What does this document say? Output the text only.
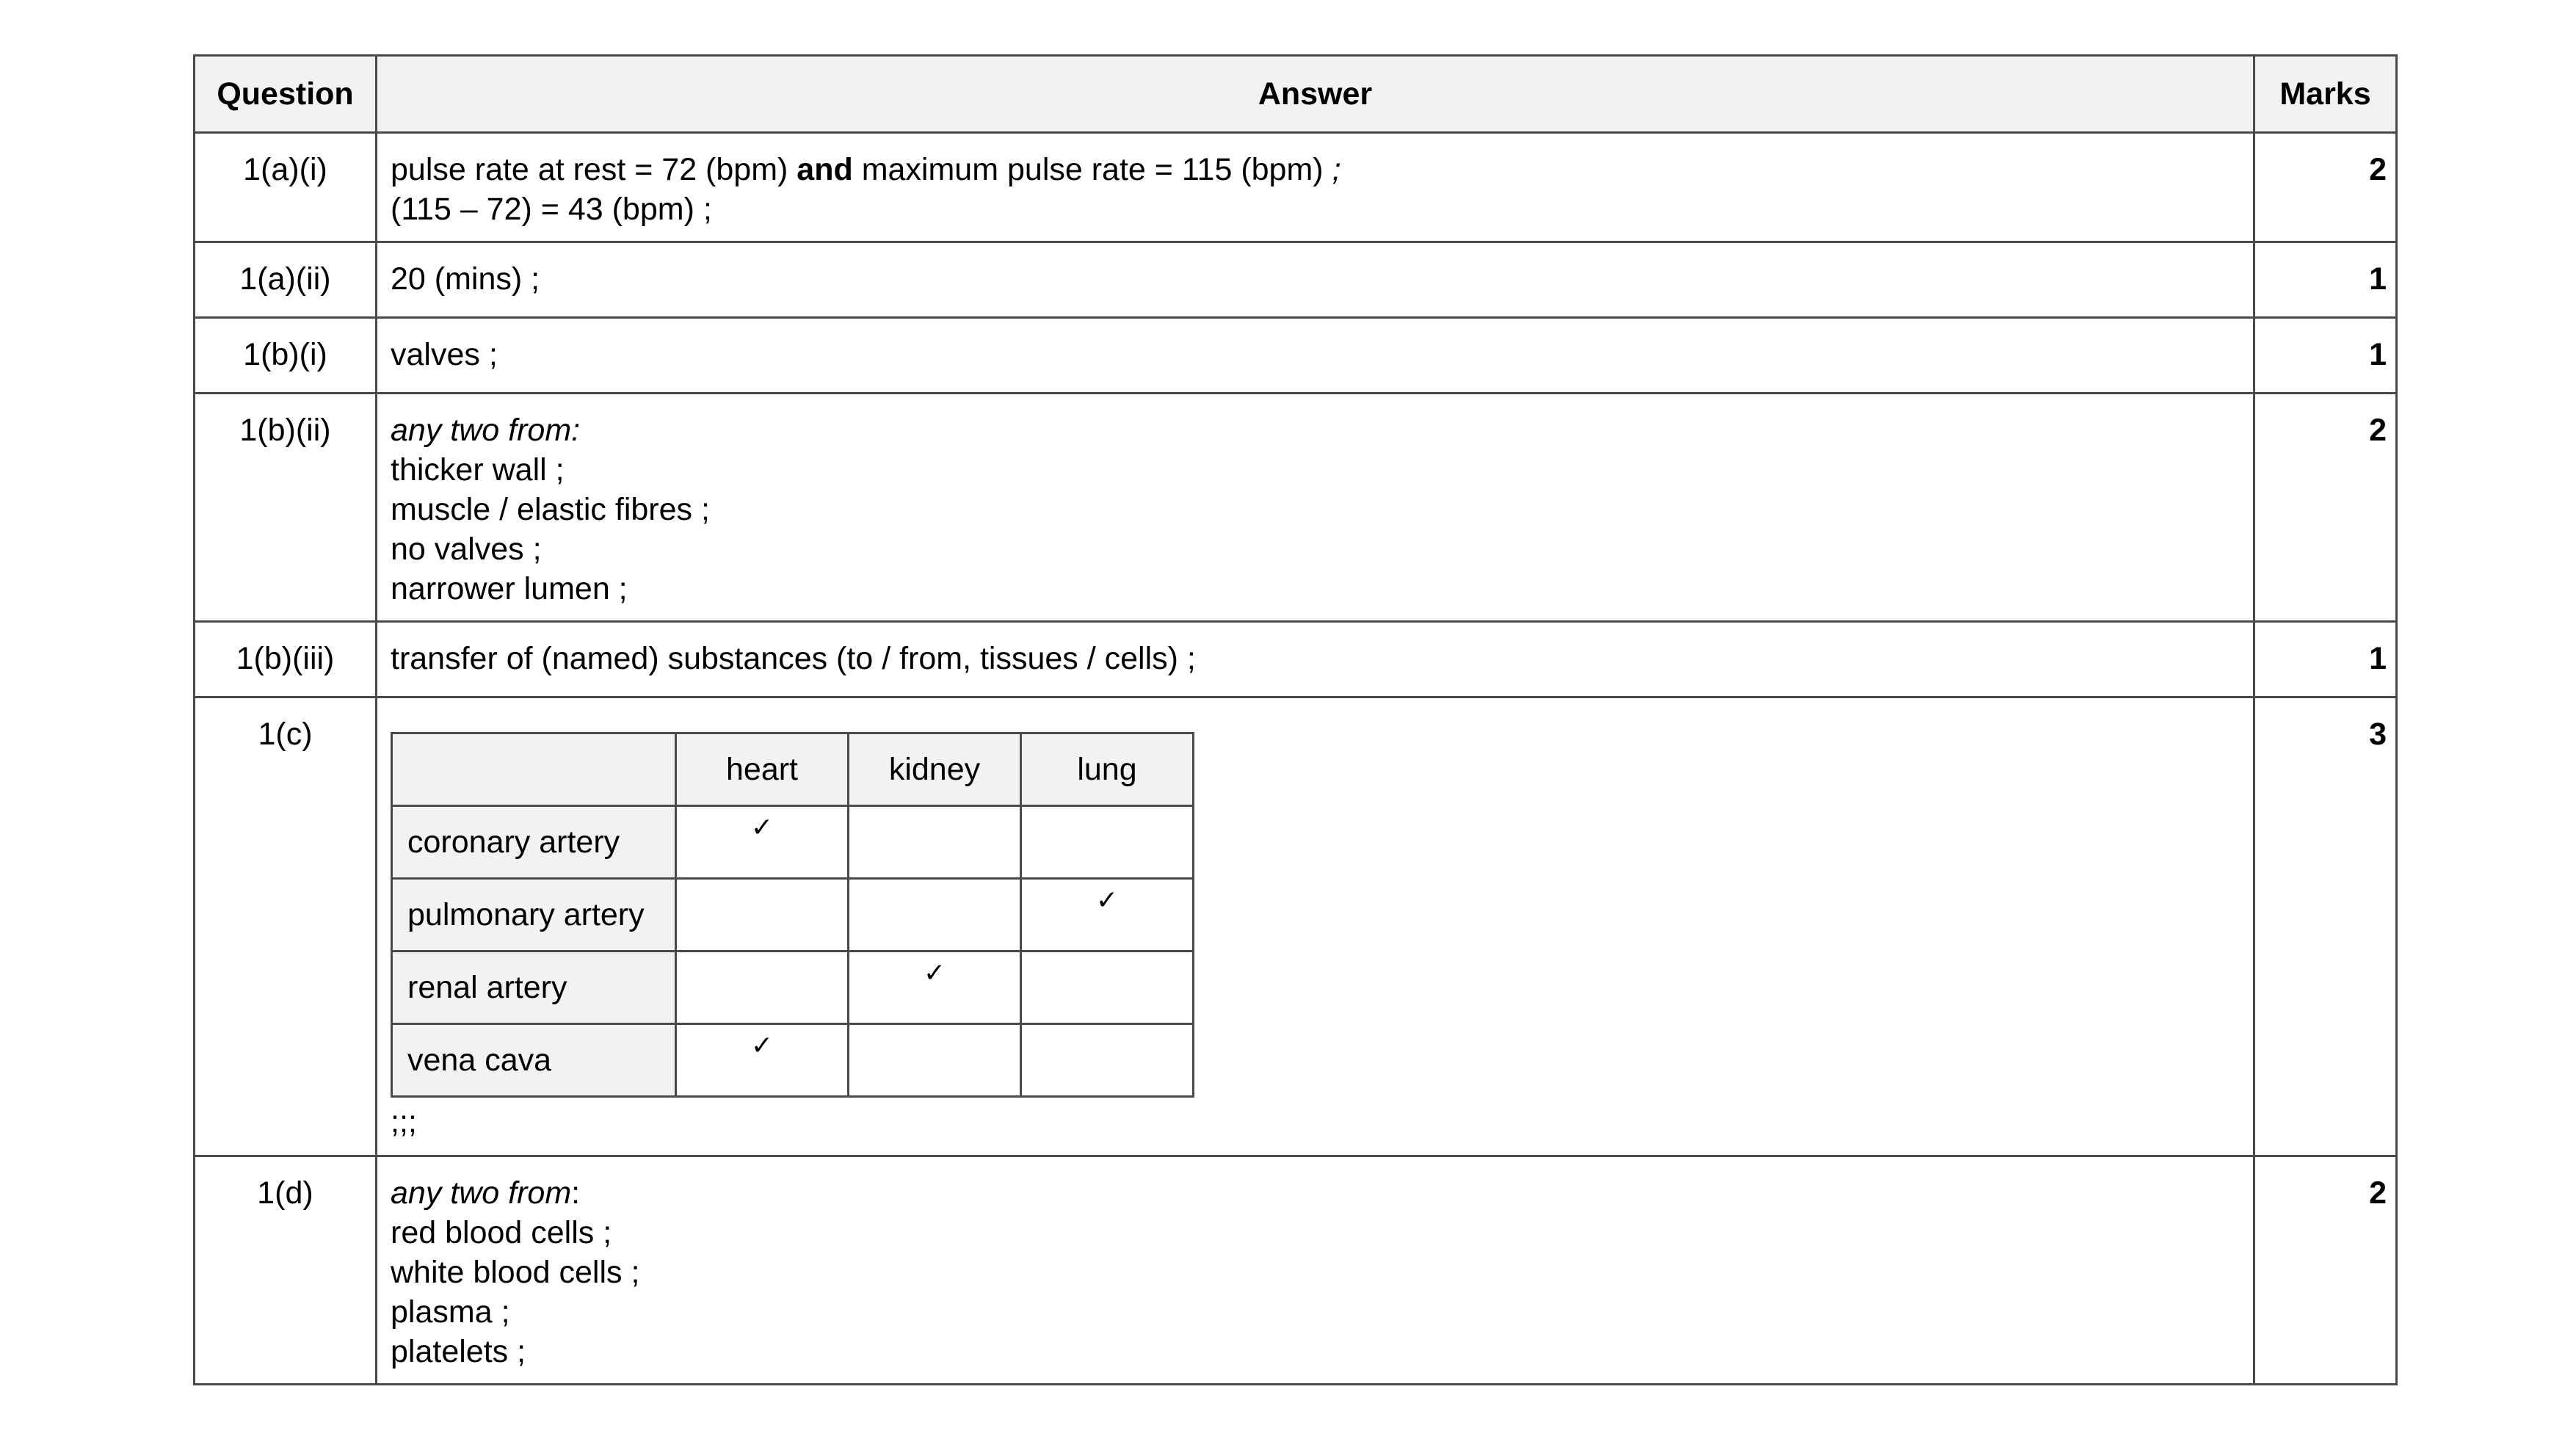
Question	Answer	Marks
1(a)(i)	pulse rate at rest = 72 (bpm) and maximum pulse rate = 115 (bpm) ;
(115 – 72) = 43 (bpm) ;
	2
1(a)(ii)	20 (mins) ;	1
1(b)(i)	valves ;	1
1(b)(ii)	any two from:
thicker wall ;
muscle / elastic fibres ;
no valves ;
narrower lumen ;
	2
1(b)(iii)	transfer of (named) substances (to / from, tissues / cells) ;	1
1(c)	
	heart	kidney	lung
coronary artery	✓		
pulmonary artery			✓
renal artery		✓	
vena cava	✓		
;;;
	3
1(d)	any two from:
red blood cells ;
white blood cells ;
plasma ;
platelets ;
	2
